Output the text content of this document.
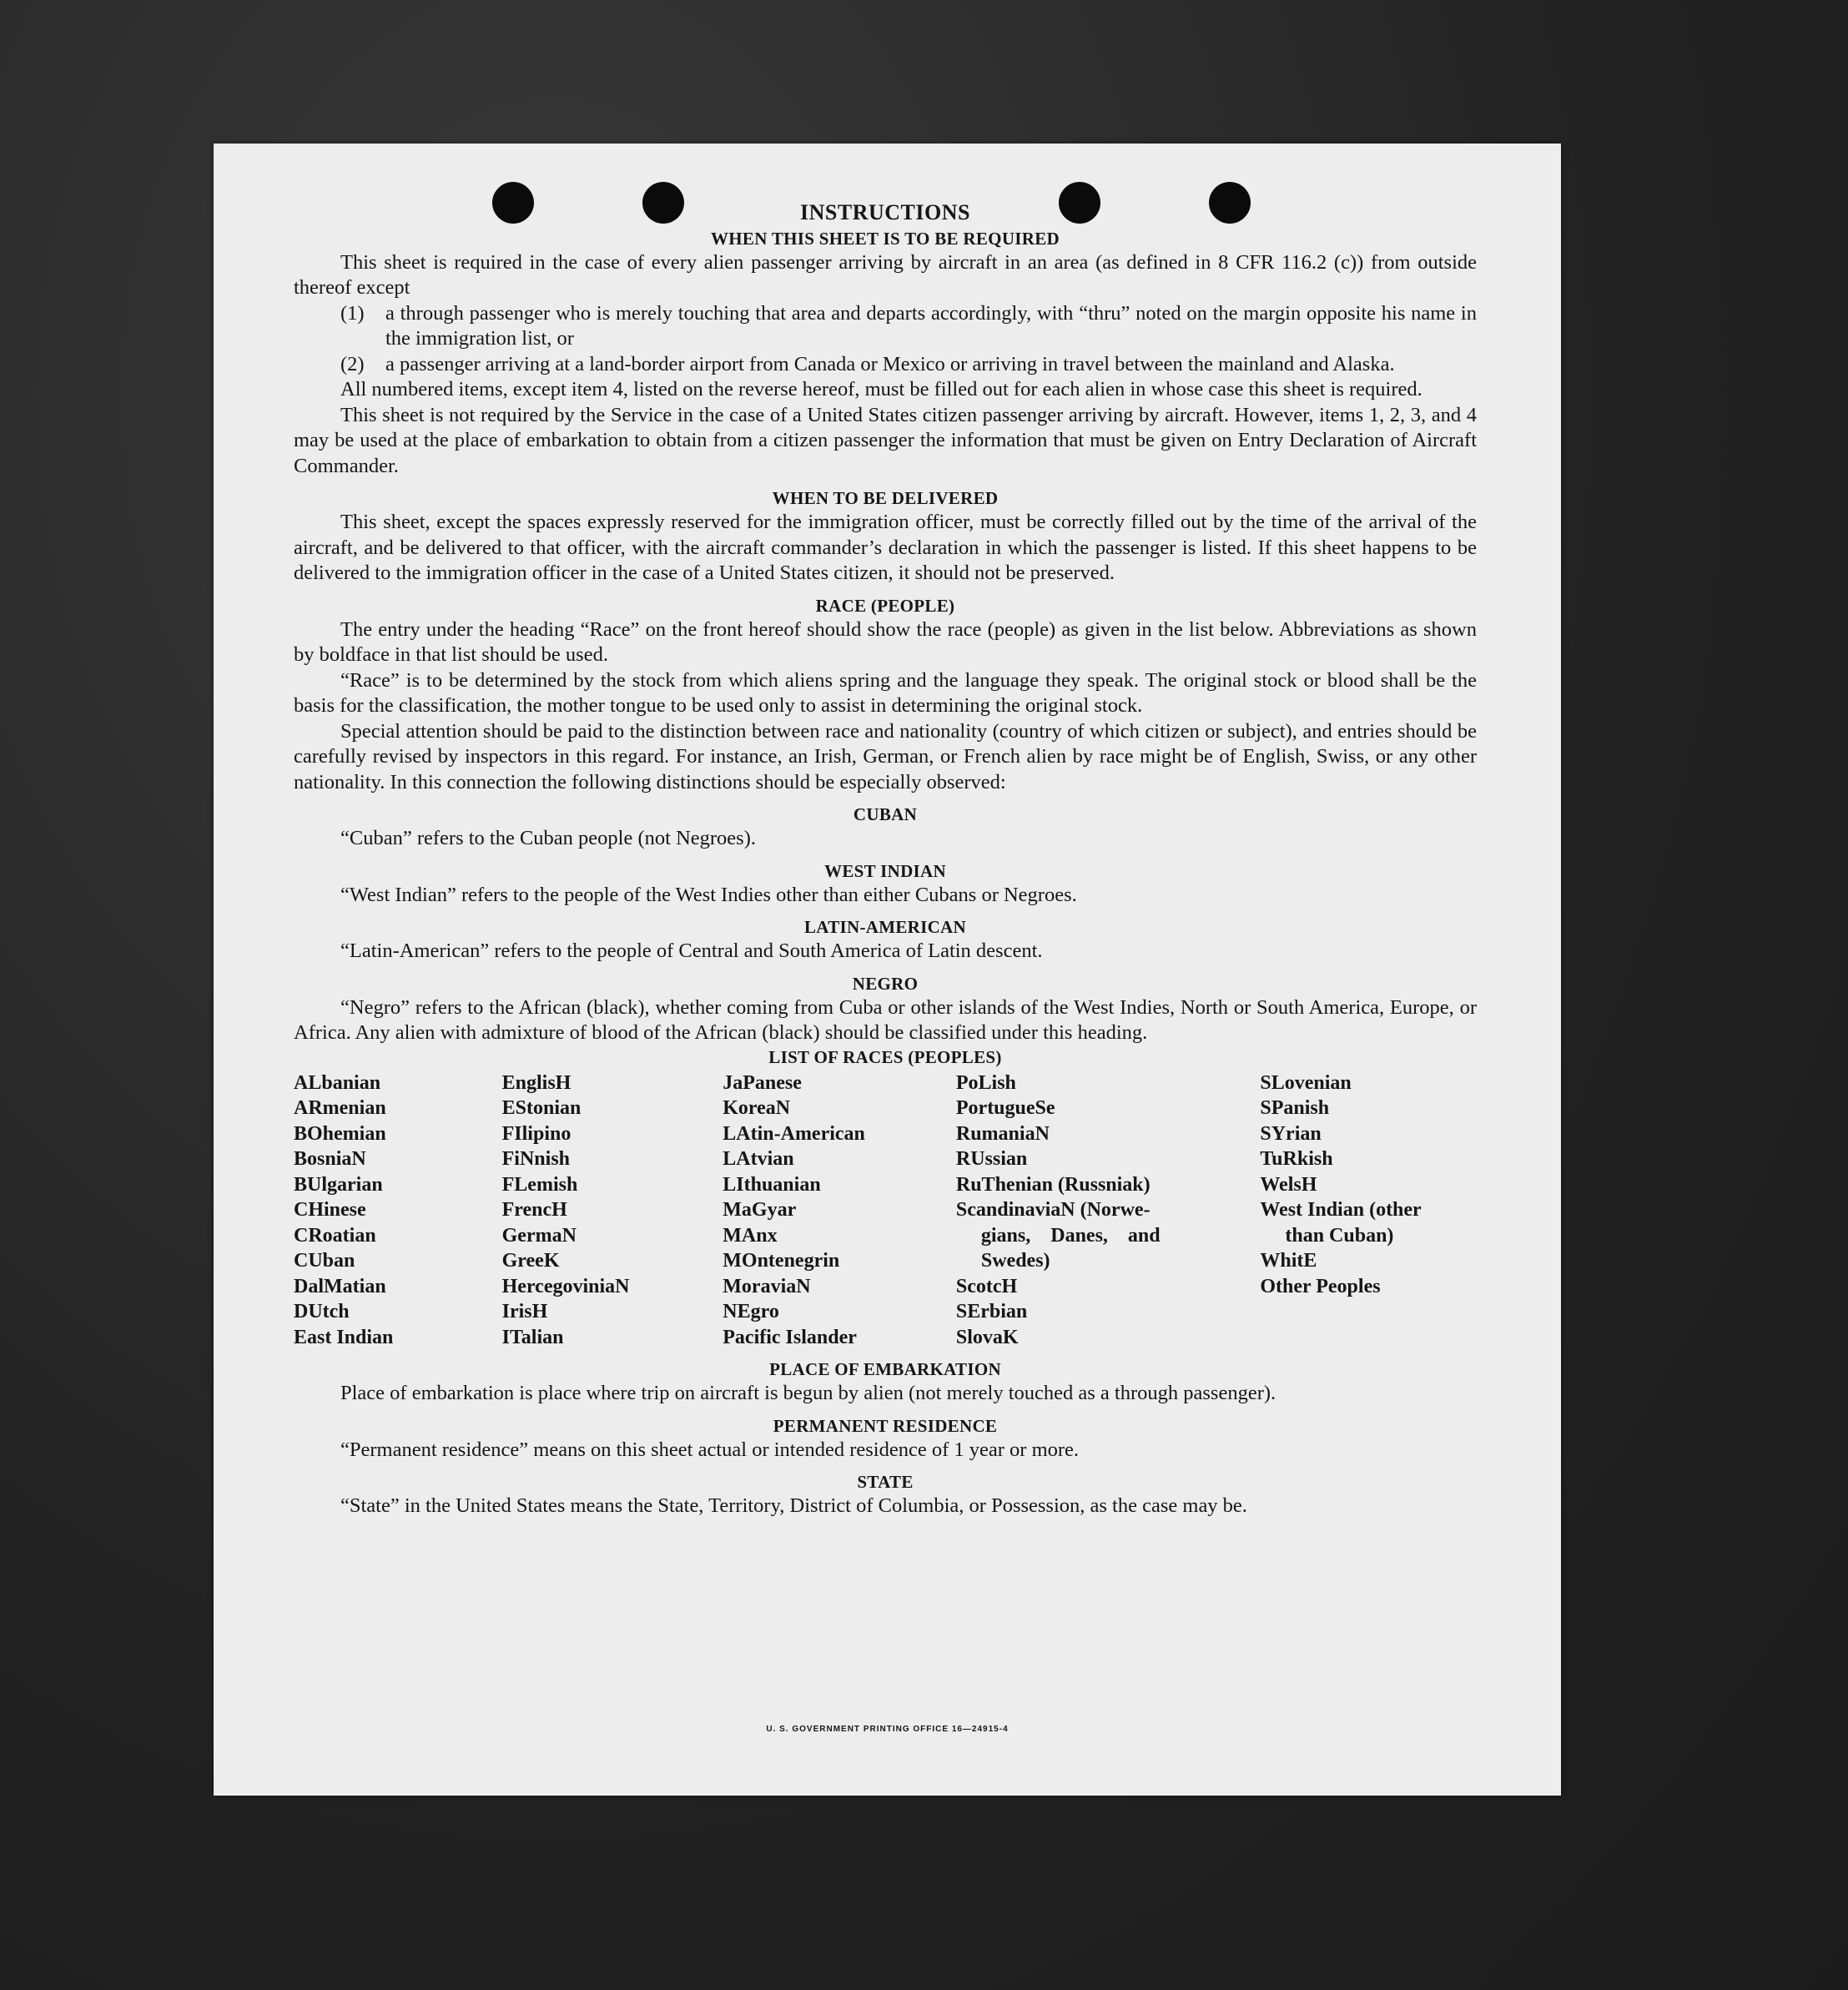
INSTRUCTIONS

WHEN THIS SHEET IS TO BE REQUIRED

This sheet is required in the case of every alien passenger arriving by aircraft in an area (as defined in 8 CFR 116.2 (c)) from outside thereof except

(1) a through passenger who is merely touching that area and departs accordingly, with “thru” noted on the margin opposite his name in the immigration list, or

(2) a passenger arriving at a land-border airport from Canada or Mexico or arriving in travel between the mainland and Alaska.

All numbered items, except item 4, listed on the reverse hereof, must be filled out for each alien in whose case this sheet is required.

This sheet is not required by the Service in the case of a United States citizen passenger arriving by aircraft. However, items 1, 2, 3, and 4 may be used at the place of embarkation to obtain from a citizen passenger the information that must be given on Entry Declaration of Aircraft Commander.

WHEN TO BE DELIVERED

This sheet, except the spaces expressly reserved for the immigration officer, must be correctly filled out by the time of the arrival of the aircraft, and be delivered to that officer, with the aircraft commander’s declaration in which the passenger is listed. If this sheet happens to be delivered to the immigration officer in the case of a United States citizen, it should not be preserved.

RACE (PEOPLE)

The entry under the heading “Race” on the front hereof should show the race (people) as given in the list below. Abbreviations as shown by boldface in that list should be used.

“Race” is to be determined by the stock from which aliens spring and the language they speak. The original stock or blood shall be the basis for the classification, the mother tongue to be used only to assist in determining the original stock.

Special attention should be paid to the distinction between race and nationality (country of which citizen or subject), and entries should be carefully revised by inspectors in this regard. For instance, an Irish, German, or French alien by race might be of English, Swiss, or any other nationality. In this connection the following distinctions should be especially observed:

CUBAN

“Cuban” refers to the Cuban people (not Negroes).

WEST INDIAN

“West Indian” refers to the people of the West Indies other than either Cubans or Negroes.

LATIN-AMERICAN

“Latin-American” refers to the people of Central and South America of Latin descent.

NEGRO

“Negro” refers to the African (black), whether coming from Cuba or other islands of the West Indies, North or South America, Europe, or Africa. Any alien with admixture of blood of the African (black) should be classified under this heading.

LIST OF RACES (PEOPLES)

ALbanian
ARmenian
BOhemian
BosniaN
BUlgarian
CHinese
CRoatian
CUban
DalMatian
DUtch
East Indian
EnglisH
EStonian
FIlipino
FiNnish
FLemish
FrencH
GermaN
GreeK
HercegoviniaN
IrisH
ITalian
JaPanese
KoreaN
LAtin-American
LAtvian
LIthuanian
MaGyar
MAnx
MOntenegrin
MoraviaN
NEgro
Pacific Islander
PoLish
PortugueSe
RumaniaN
RUssian
RuThenian (Russniak)
ScandinaviaN (Norwe-
gians, Danes, and
Swedes)
ScotcH
SErbian
SlovaK
SLovenian
SPanish
SYrian
TuRkish
WelsH
West Indian (other
than Cuban)
WhitE
Other Peoples

PLACE OF EMBARKATION

Place of embarkation is place where trip on aircraft is begun by alien (not merely touched as a through passenger).

PERMANENT RESIDENCE

“Permanent residence” means on this sheet actual or intended residence of 1 year or more.

STATE

“State” in the United States means the State, Territory, District of Columbia, or Possession, as the case may be.

U. S. GOVERNMENT PRINTING OFFICE 16—24915-4
